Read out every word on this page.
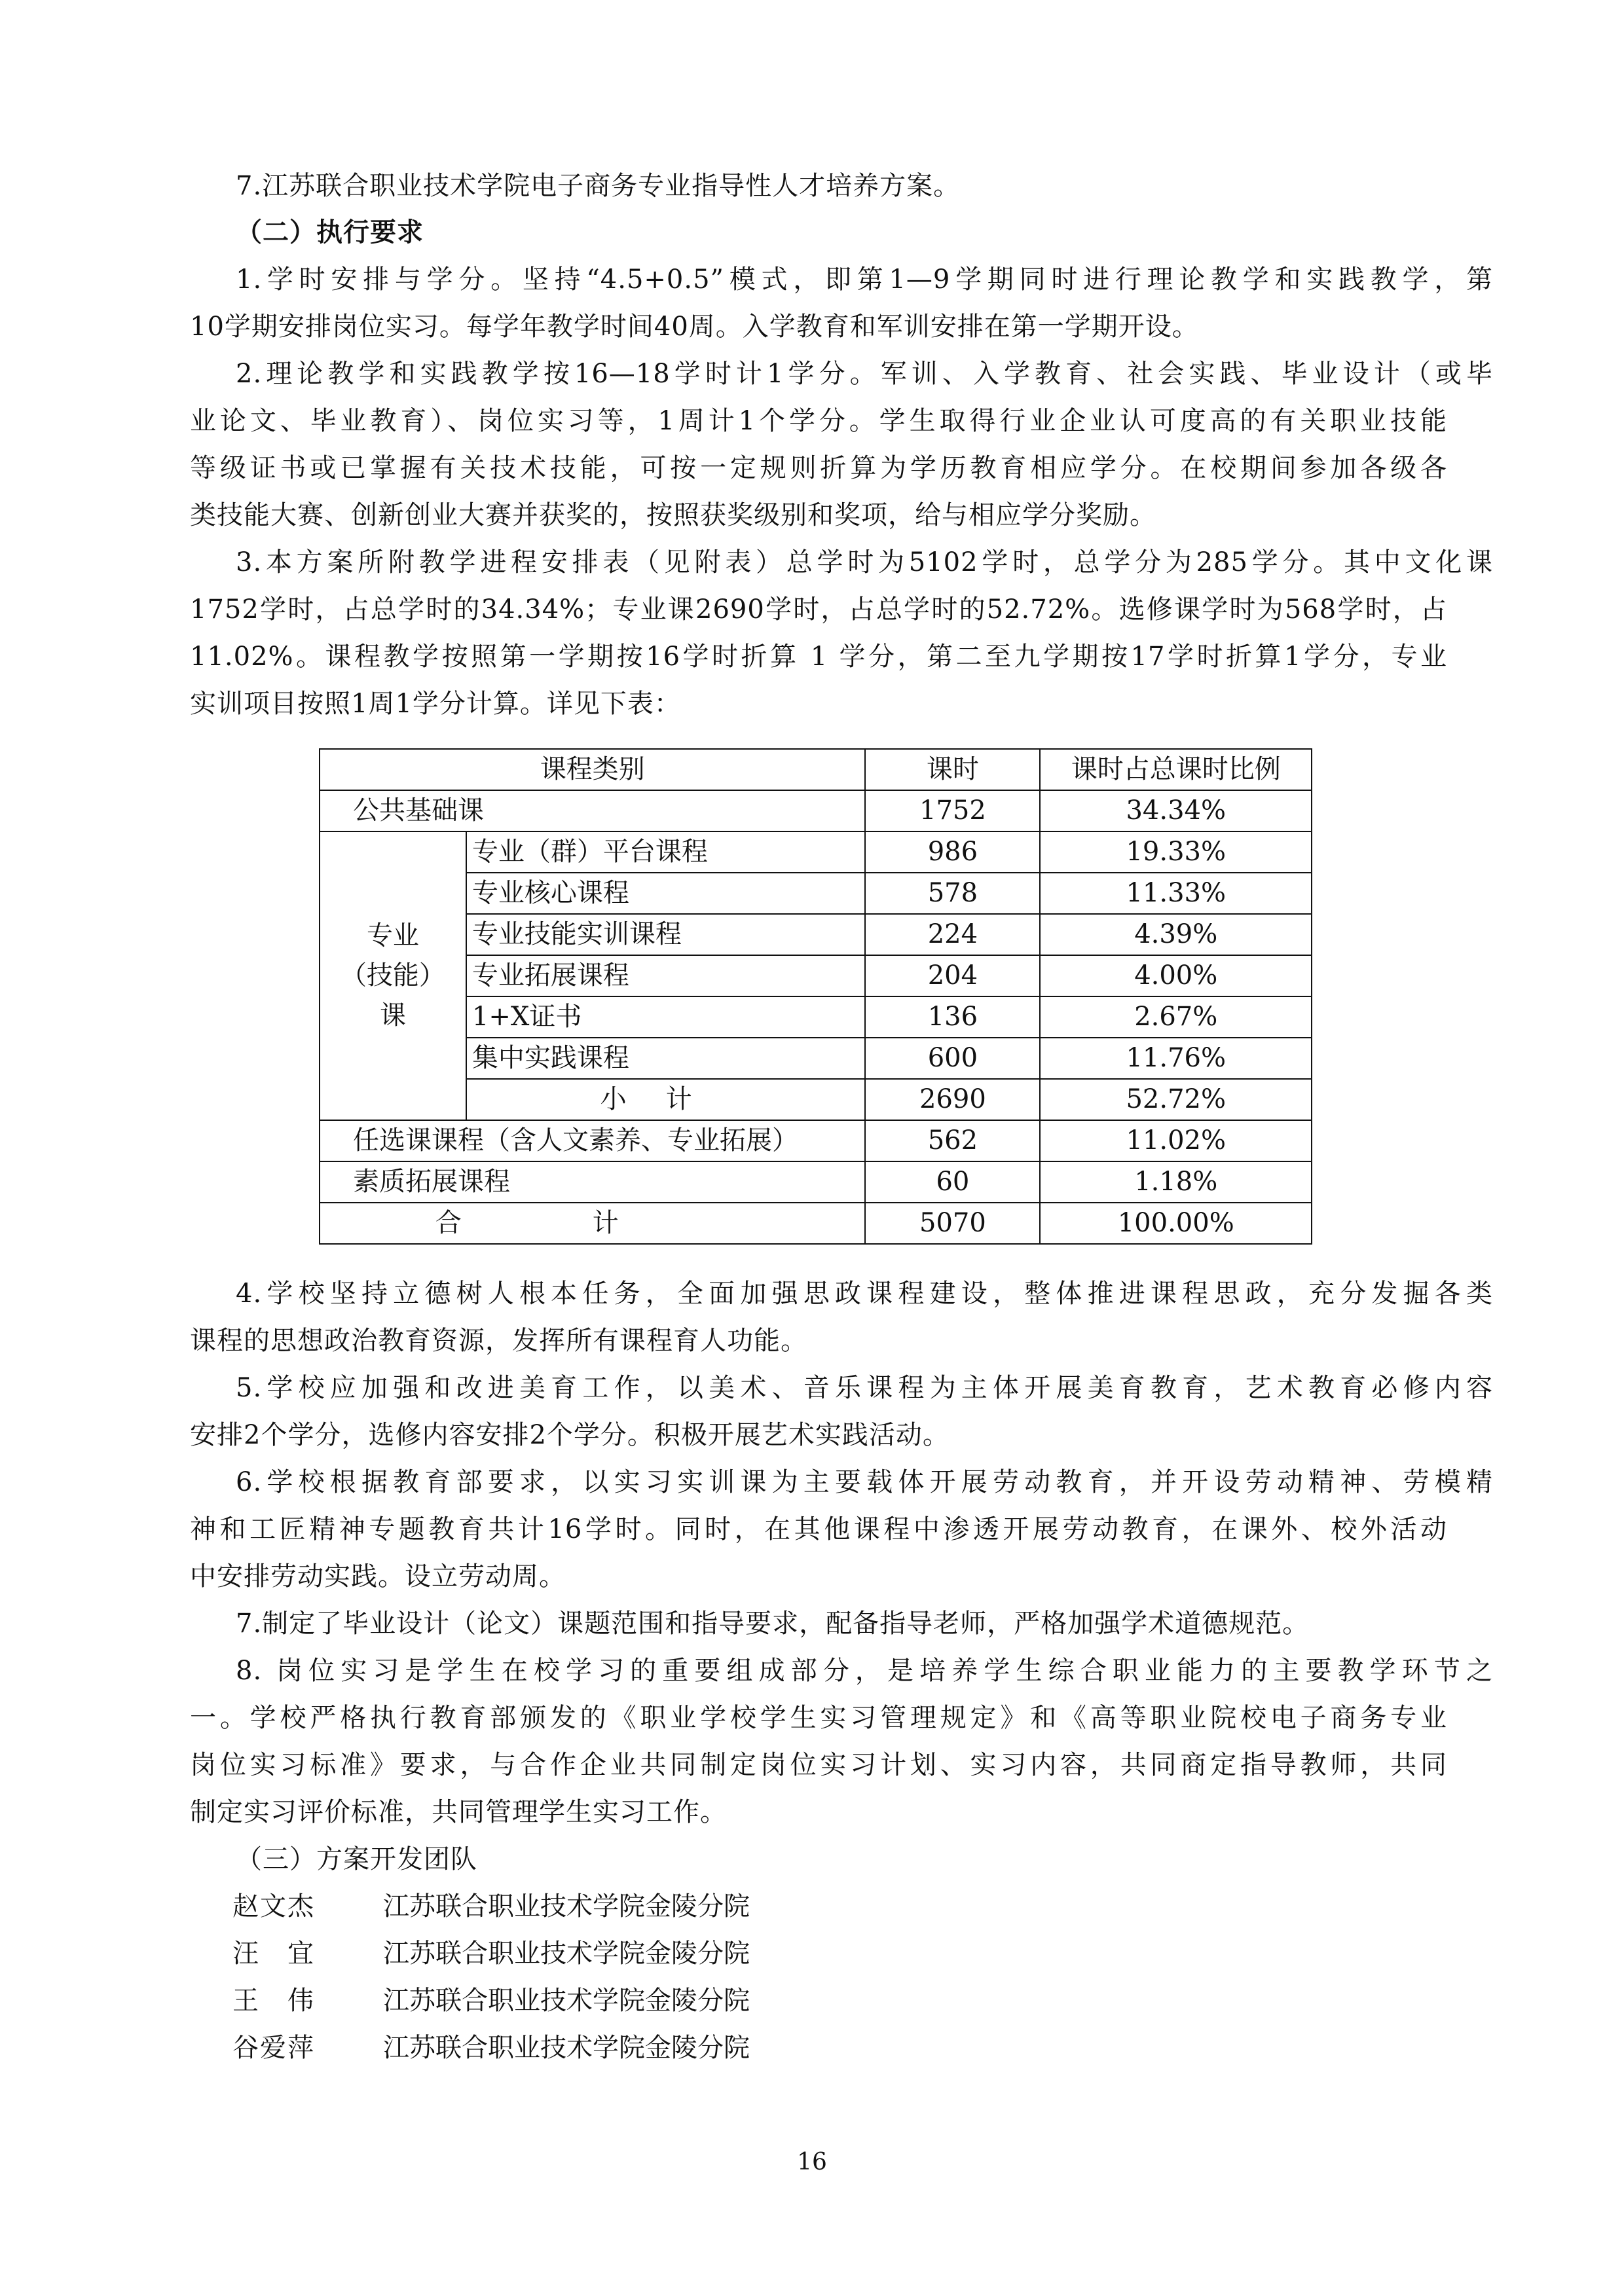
7.江苏联合职业技术学院电子商务专业指导性人才培养方案。
（二）执行要求
1.学时安排与学分。坚持“4.5+0.5”模式，即第1—9学期同时进行理论教学和实践教学，第
10学期安排岗位实习。每学年教学时间40周。入学教育和军训安排在第一学期开设。
2.理论教学和实践教学按16—18学时计1学分。军训、入学教育、社会实践、毕业设计（或毕
业论文、毕业教育）、岗位实习等，1周计1个学分。学生取得行业企业认可度高的有关职业技能
等级证书或已掌握有关技术技能，可按一定规则折算为学历教育相应学分。在校期间参加各级各
类技能大赛、创新创业大赛并获奖的，按照获奖级别和奖项，给与相应学分奖励。
3.本方案所附教学进程安排表（见附表）总学时为5102学时，总学分为285学分。其中文化课
1752学时，占总学时的34.34%；专业课2690学时，占总学时的52.72%。选修课学时为568学时，占
11.02%。课程教学按照第一学期按16学时折算 1 学分，第二至九学期按17学时折算1学分，专业
实训项目按照1周1学分计算。详见下表：
课程类别		课时	课时占总课时比例
公共基础课		1752	34.34%

专业
（技能）
课	专业（群）平台课程	986	19.33%
	专业核心课程	578	11.33%
	专业技能实训课程	224	4.39%
	专业拓展课程	204	4.00%
	1+X证书	136	2.67%
	集中实践课程	600	11.76%
	小计	2690	52.72%
任选课课程（含人文素养、专业拓展）		562	11.02%
素质拓展课程		60	1.18%
合计		5070	100.00%
4.学校坚持立德树人根本任务，全面加强思政课程建设，整体推进课程思政，充分发掘各类
课程的思想政治教育资源，发挥所有课程育人功能。
5.学校应加强和改进美育工作，以美术、音乐课程为主体开展美育教育，艺术教育必修内容
安排2个学分，选修内容安排2个学分。积极开展艺术实践活动。
6.学校根据教育部要求，以实习实训课为主要载体开展劳动教育，并开设劳动精神、劳模精
神和工匠精神专题教育共计16学时。同时，在其他课程中渗透开展劳动教育，在课外、校外活动
中安排劳动实践。设立劳动周。
7.制定了毕业设计（论文）课题范围和指导要求，配备指导老师，严格加强学术道德规范。
8. 岗位实习是学生在校学习的重要组成部分，是培养学生综合职业能力的主要教学环节之
一。学校严格执行教育部颁发的《职业学校学生实习管理规定》和《高等职业院校电子商务专业
岗位实习标准》要求，与合作企业共同制定岗位实习计划、实习内容，共同商定指导教师，共同
制定实习评价标准，共同管理学生实习工作。
（三）方案开发团队
赵文杰	江苏联合职业技术学院金陵分院
汪　宜	江苏联合职业技术学院金陵分院
王　伟	江苏联合职业技术学院金陵分院
谷爱萍	江苏联合职业技术学院金陵分院
16
